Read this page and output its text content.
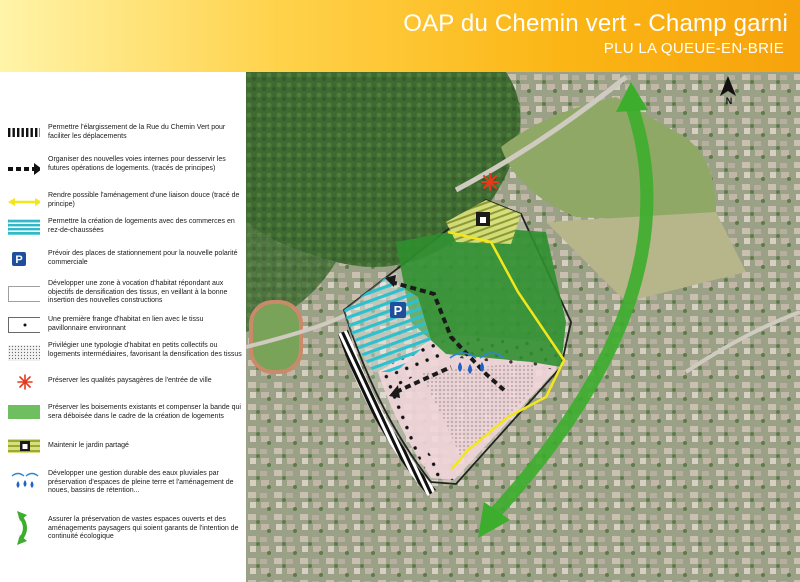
OAP du Chemin vert - Champ garni
PLU LA QUEUE-EN-BRIE
Permettre l'élargissement de la Rue du Chemin Vert pour faciliter les déplacements
Organiser des nouvelles voies internes pour desservir les futures opérations de logements. (tracés de principes)
Rendre possible l'aménagement d'une liaison douce (tracé de principe)
Permettre la création de logements avec des commerces en rez-de-chaussées
P
Prévoir des places de stationnement pour la nouvelle polarité commerciale
Développer une zone à vocation d'habitat répondant aux objectifs de densification des tissus, en veillant à la bonne insertion des nouvelles constructions
Une première frange d'habitat en lien avec le tissu pavillonnaire environnant
Privilégier une typologie d'habitat en petits collectifs ou logements intermédiaires, favorisant la densification des tissus
Préserver les qualités paysagères de l'entrée de ville
Préserver les boisements existants et compenser la bande qui sera déboisée dans le cadre de la création de logements
Maintenir le jardin partagé
Développer une gestion durable des eaux pluviales par préservation d'espaces de pleine terre et l'aménagement de noues, bassins de rétention...
Assurer la préservation de vastes espaces ouverts et des aménagements paysagers qui soient garants de l'intention de continuité écologique
P
N
